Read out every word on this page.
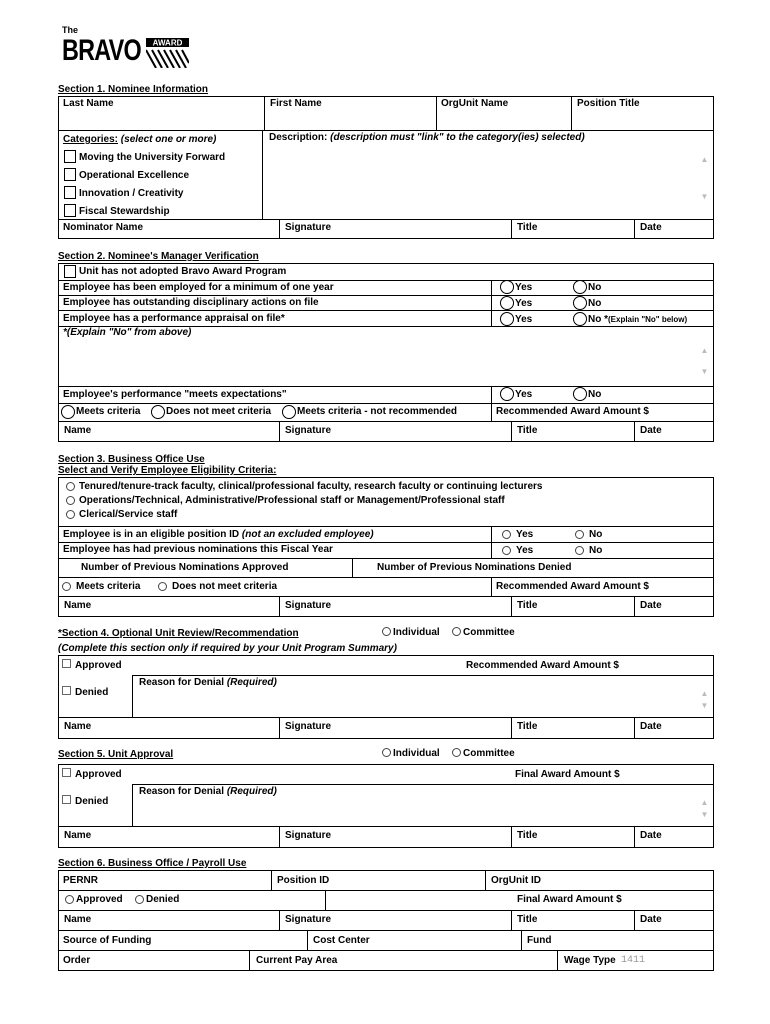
The
BRAVO AWARD
Section 1. Nominee Information
Last Name	First Name	OrgUnit Name	Position Title
Categories: (select one or more)	Description: (description must "link" to the category(ies) selected)
▲
▼
Moving the University Forward
Operational Excellence
Innovation / Creativity
Fiscal Stewardship
Nominator Name	Signature	Title	Date
Section 2. Nominee's Manager Verification
Unit has not adopted Bravo Award Program
Employee has been employed for a minimum of one year	Yes	No
Employee has outstanding disciplinary actions on file	Yes	No
Employee has a performance appraisal on file*	Yes	No *(Explain "No" below)
*(Explain "No" from above)
▲
▼
Employee's performance "meets expectations"	Yes	No
Meets criteria	Does not meet criteria	Meets criteria - not recommended	Recommended Award Amount $
Name	Signature	Title	Date
Section 3. Business Office Use
Select and Verify Employee Eligibility Criteria:
Tenured/tenure-track faculty, clinical/professional faculty, research faculty or continuing lecturers
Operations/Technical, Administrative/Professional staff or Management/Professional staff
Clerical/Service staff
Employee is in an eligible position ID (not an excluded employee)	Yes	No
Employee has had previous nominations this Fiscal Year	Yes	No
Number of Previous Nominations Approved	Number of Previous Nominations Denied
Meets criteria	Does not meet criteria	Recommended Award Amount $
Name	Signature	Title	Date
*Section 4. Optional Unit Review/Recommendation	Individual Committee
(Complete this section only if required by your Unit Program Summary)
Approved	Recommended Award Amount $
Denied
Reason for Denial (Required)
▲
▼
Name	Signature	Title	Date
Section 5. Unit Approval	Individual Committee
Approved	Final Award Amount $
Denied
Reason for Denial (Required)
▲
▼
Name	Signature	Title	Date
Section 6. Business Office / Payroll Use
PERNR	Position ID	OrgUnit ID
Approved Denied	Final Award Amount $
Name	Signature	Title	Date
Source of Funding	Cost Center	Fund
Order	Current Pay Area	Wage Type 1411
